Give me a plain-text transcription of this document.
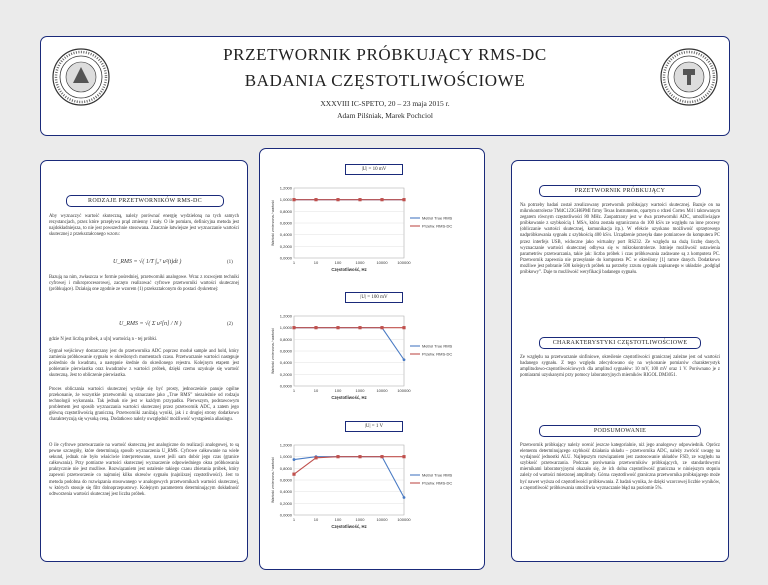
PRZETWORNIK PRÓBKUJĄCY RMS-DC
BADANIA CZĘSTOTLIWOŚCIOWE
XXXVIII IC-SPETO, 20 – 23 maja 2015 r.
Adam Pilśniak, Marek Pochciol
RODZAJE PRZETWORNIKÓW RMS-DC
Aby wyznaczyć wartość skuteczną, należy porównać energię wydzieloną na tych samych rezystancjach, przez które przepływa prąd zmienny i stały. O ile pomiaru, definicyjna metoda jest najdokładniejsza, to nie jest powszechnie stosowana. Znacznie łatwiejsze jest wyznaczanie wartości skutecznej z przekształconego wzoru:
U_RMS = √( 1/T ∫₀ᵀ u²(t)dt )	(1)
Bazują na nim, zwłaszcza w formie pośredniej, przetworniki analogowe. Wraz z rozwojem techniki cyfrowej i mikroprocesorowej, zaczęto realizować cyfrowe przetworniki wartości skutecznej (próbkujące). Działają one zgodnie ze wzorem (1) przekształconym do postaci dyskretnej:
U_RMS = √( Σ u²[n] / N )	(2)
gdzie N jest liczbą próbek, a u[n] wartością n - tej próbki.
Sygnał wejściowy dostarczany jest do przetwornika ADC poprzez moduł sample and hold, który zamienia próbkowanie sygnału w określonych momentach czasu. Przetwarzanie wartości następuje pośrednio do kwadratu, a następnie średnie do określonego rejestru. Kolejnym etapem jest pobieranie pierwiastka oraz kwadratów z wartości próbek, dzięki czemu uzyskuje się wartość skuteczną. Jest to obliczenie pierwiastka.
Proces obliczania wartości skutecznej wydaje się być prosty, jednocześnie panuje ogólne przekonanie, że wszystkie przetworniki są oznaczane jako „True RMS” niezależnie od rodzaju technologii wykonania. Tak jednak nie jest w każdym przypadku. Pierwszym, podstawowym problemem jest sposób wyznaczania wartości skutecznej przez przetwornik ADC, a zatem jego główną częstotliwością graniczną. Przetworniki zaniżają wyniki, jak i z drugiej strony dodatkowo charakteryzują się wysoką ceną. Dodatkowo należy uwzględnić możliwość wystąpienia aliasingu.
O ile cyfrowe przetwarzanie na wartość skuteczną jest analogiczne do realizacji analogowej, to są pewne szczegóły, które determinują sposób wyznaczenia U_RMS. Cyfrowe całkowanie na wiele sekund, jednak nie było właściwie interpretowane, nawet jeśli sam dobór jego czas (granice całkowania). Przy pomiarze wartości skutecznej wyznaczenie odpowiedniego okna próbkowania praktycznie nie jest możliwe. Rozwiązaniem jest ustalenie takiego czasu zbierania próbek, który zapewni przetworzenie co najmniej kilku okresów sygnału (najniższej częstotliwości). Jest to metoda podobna do rozwiązania stosowanego w analogowych przetwornikach wartości skutecznej, w których stosuje się filtr dolnoprzepustowy. Kolejnym parametrem determinującym dokładność odtworzenia wartości skutecznej jest liczba próbek.
|U| = 10 mV
0,0000
0,2000
0,4000
0,6000
0,8000
1,0000
1,2000
1	10	100	1000	10000 100000
Częstotliwość, Hz
Wartość zmierzona / wartość	Metrol True RMS
Przetw. RMS-DC
|U| = 100 mV
0,0000
0,2000
0,4000
0,6000
0,8000
1,0000
1,2000
1	10	100	1000	10000 100000
Częstotliwość, Hz
Wartość zmierzona / wartość	Metrol True RMS
Przetw. RMS-DC
|U| = 1 V
0,0000
0,2000
0,4000
0,6000
0,8000
1,0000
1,2000
1	10	100	1000	10000 100000
Częstotliwość, Hz
Wartość zmierzona / wartość	Metrol True RMS
Przetw. RMS-DC
PRZETWORNIK PRÓBKUJĄCY
Na potrzeby badań został zrealizowany przetwornik próbkujący wartości skutecznej. Bazuje on na mikrokontrolerze TM4C123GH6PMI firmy Texas Instruments, opartym o rdzeń Cortex M4 i taktowanym zegarem równym częstotliwości 80 MHz. Zaopatrzony jest w dwa przetworniki ADC, umożliwiające próbkowanie z szybkością 1 MS/s, która została ograniczona do 100 kS/s ze względu na inne procesy (obliczanie wartości skutecznej, komunikacja itp.). W efekcie uzyskano możliwość sprzętowego nadpróbkowania sygnału z szybkością 400 kS/s. Urządzenie przesyła dane pomiarowe do komputera PC przez interfejs USB, widoczne jako wirtualny port RS232. Ze względu na dużą liczbę danych, wyznaczanie wartości skutecznej odbywa się w mikrokontrolerze. Istnieje możliwość ustawienia parametrów przetwarzania, takie jak: liczba próbek i czas próbkowania zadawane są z komputera PC. Przetwornik zapewnia nie przesyłanie do komputera PC w określony [1] ramce danych. Dodatkowo możliwe jest pobranie 500 kolejnych próbek na potrzeby zrzutu sygnału zapisanego w układzie „podgląd próbkowy”. Daje to możliwość weryfikacji badanego sygnału.
CHARAKTERYSTYKI CZĘSTOTLIWOŚCIOWE
Ze względu na przetwarzanie sinfiniowe, określenie częstotliwości granicznej zależne jest od wartości badanego sygnału. Z tego względu zdecydowano się na wykonanie pomiarów charakterystyk amplitudowo-częstotliwościowych dla amplitud sygnałów: 10 mV, 100 mV oraz 1 V. Porównano je z pomiarami uzyskanymi przy pomocy laboratoryjnych mierników RIGOL DM3051.
PODSUMOWANIE
Przetwornik próbkujący należy ocenić jeszcze kategorialnie, niż jego analogowy odpowiednik. Oprócz elementu determinującego szybkość działania układu – przetwornika ADC, należy zwrócić uwagę na wydajność jednostki ALU. Najlepszym rozwiązaniem jest zastosowanie układów FSD, ze względu na szybkość przetwarzania. Podczas porównania przetworników próbkujących, ze standardowymi miernikami laboratoryjnymi okazało się, że ich dolna częstotliwość graniczna w niniejszym stopniu zależy od wartości mierzonej amplitudy. Górna częstotliwość graniczna przetwornika próbkującego może być nawet wyższa od częstotliwości próbkowania. Z badań wynika, że dzięki wzorcowej liczbie wyników, a częstotliwość próbkowania umożliwia wyznaczanie błąd na poziomie 5%.
